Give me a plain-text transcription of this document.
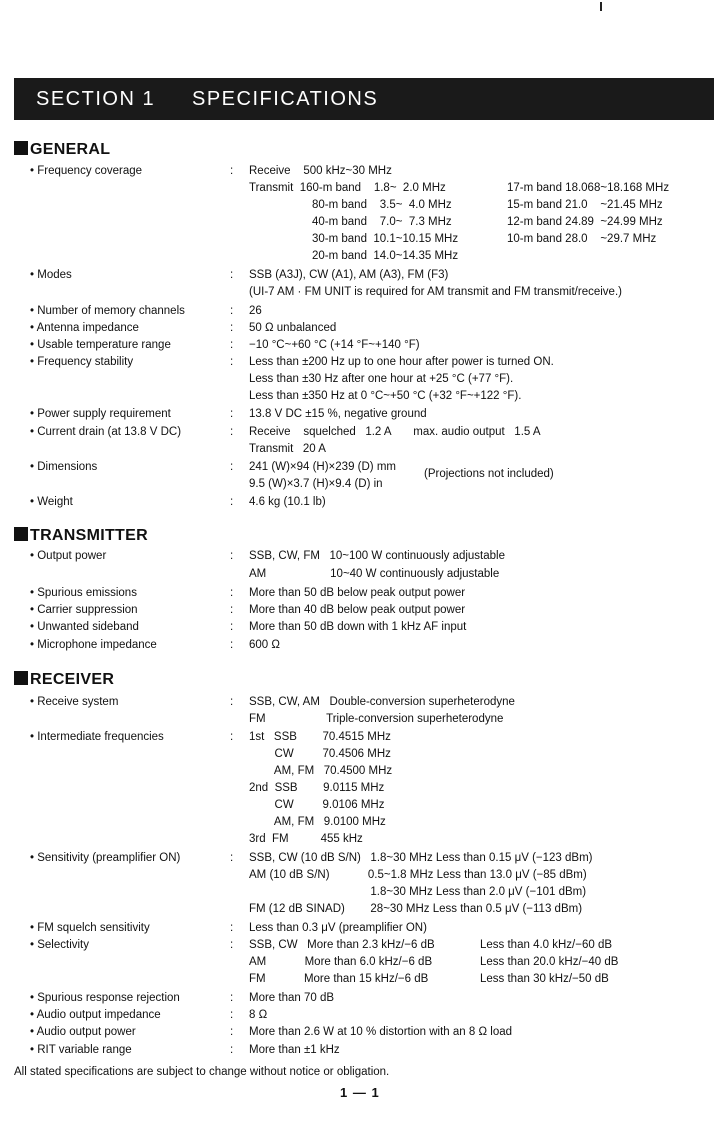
SECTION 1 SPECIFICATIONS
GENERAL
• Frequency coverage	: Receive    500 kHz~30 MHz
Transmit  160-m band    1.8~  2.0 MHz	17-m band 18.068~18.168 MHz
80-m band    3.5~  4.0 MHz	15-m band 21.0    ~21.45 MHz
40-m band    7.0~  7.3 MHz	12-m band 24.89  ~24.99 MHz
30-m band  10.1~10.15 MHz	10-m band 28.0    ~29.7 MHz
20-m band  14.0~14.35 MHz
• Modes	: SSB (A3J), CW (A1), AM (A3), FM (F3)
(UI-7 AM · FM UNIT is required for AM transmit and FM transmit/receive.)
• Number of memory channels	: 26
• Antenna impedance	: 50 Ω unbalanced
• Usable temperature range	: −10 °C~+60 °C (+14 °F~+140 °F)
• Frequency stability	: Less than ±200 Hz up to one hour after power is turned ON.
Less than ±30 Hz after one hour at +25 °C (+77 °F).
Less than ±350 Hz at 0 °C~+50 °C (+32 °F~+122 °F).
• Power supply requirement	: 13.8 V DC ±15 %, negative ground
• Current drain (at 13.8 V DC)	: Receive    squelched   1.2 A       max. audio output   1.5 A
Transmit   20 A
• Dimensions	: 241 (W)×94 (H)×239 (D) mm
9.5 (W)×3.7 (H)×9.4 (D) in
(Projections not included)
• Weight	: 4.6 kg (10.1 lb)
TRANSMITTER
• Output power	: SSB, CW, FM   10~100 W continuously adjustable
AM                    10~40 W continuously adjustable
• Spurious emissions	: More than 50 dB below peak output power
• Carrier suppression	: More than 40 dB below peak output power
• Unwanted sideband	: More than 50 dB down with 1 kHz AF input
• Microphone impedance	: 600 Ω
RECEIVER
• Receive system	: SSB, CW, AM   Double-conversion superheterodyne
FM                   Triple-conversion superheterodyne
• Intermediate frequencies	: 1st   SSB        70.4515 MHz
CW         70.4506 MHz
AM, FM   70.4500 MHz
2nd  SSB        9.0115 MHz
CW         9.0106 MHz
AM, FM   9.0100 MHz
3rd  FM          455 kHz
• Sensitivity (preamplifier ON)	: SSB, CW (10 dB S/N)   1.8~30 MHz Less than 0.15 μV (−123 dBm)
AM (10 dB S/N)            0.5~1.8 MHz Less than 13.0 μV (−85 dBm)
1.8~30 MHz Less than 2.0 μV (−101 dBm)
FM (12 dB SINAD)        28~30 MHz Less than 0.5 μV (−113 dBm)
• FM squelch sensitivity	: Less than 0.3 μV (preamplifier ON)
• Selectivity	: SSB, CW   More than 2.3 kHz/−6 dB	Less than 4.0 kHz/−60 dB
AM            More than 6.0 kHz/−6 dB	Less than 20.0 kHz/−40 dB
FM            More than 15 kHz/−6 dB	Less than 30 kHz/−50 dB
• Spurious response rejection	: More than 70 dB
• Audio output impedance	: 8 Ω
• Audio output power	: More than 2.6 W at 10 % distortion with an 8 Ω load
• RIT variable range	: More than ±1 kHz
All stated specifications are subject to change without notice or obligation.
1 — 1
